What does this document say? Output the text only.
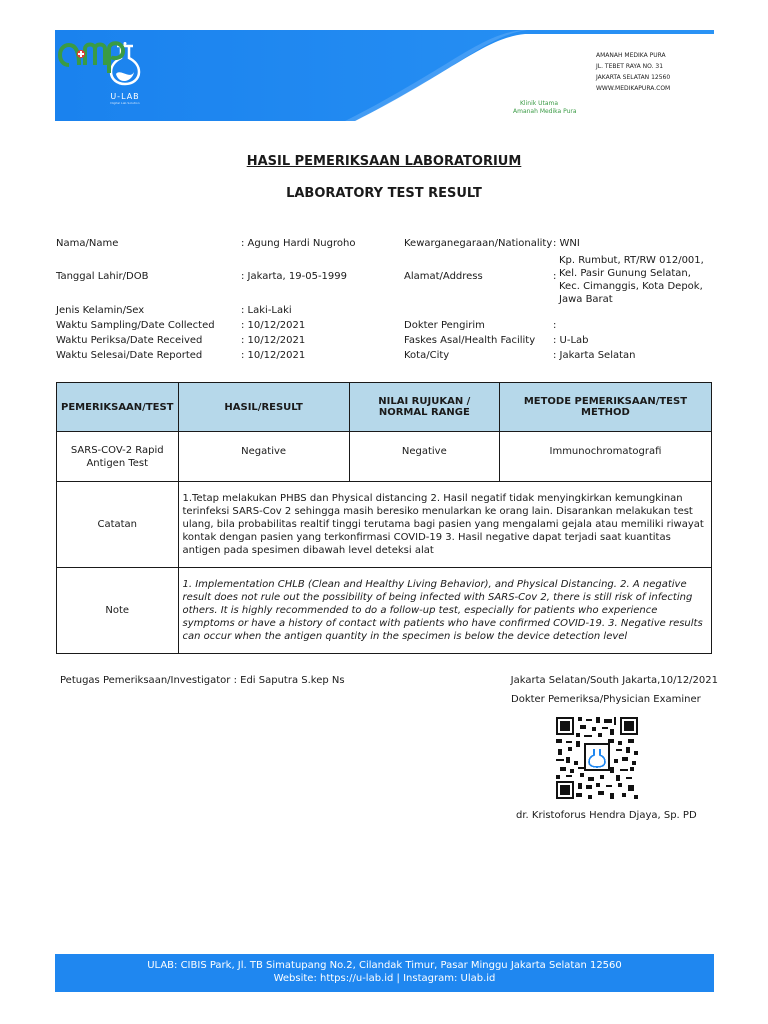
U-LAB
Digital Lab Solution	Klinik Utama
Amanah Medika Pura
AMANAH MEDIKA PURA
JL. TEBET RAYA NO. 31
JAKARTA SELATAN 12560
WWW.MEDIKAPURA.COM
HASIL PEMERIKSAAN LABORATORIUM
LABORATORY TEST RESULT
Nama/Name	: Agung Hardi Nugroho
Tanggal Lahir/DOB	: Jakarta, 19-05-1999
Jenis Kelamin/Sex	: Laki-Laki
Waktu Sampling/Date Collected	: 10/12/2021
Waktu Periksa/Date Received	: 10/12/2021
Waktu Selesai/Date Reported	: 10/12/2021
Kewarganegaraan/Nationality : WNI
Alamat/Address	:
Kp. Rumbut, RT/RW 012/001,
Kel. Pasir Gunung Selatan,
Kec. Cimanggis, Kota Depok,
Jawa Barat
Dokter Pengirim	:
Faskes Asal/Health Facility : U-Lab
Kota/City	: Jakarta Selatan
PEMERIKSAAN/TEST	HASIL/RESULT	NILAI RUJUKAN / NORMAL RANGE	METODE PEMERIKSAAN/TEST METHOD
SARS-COV-2 Rapid Antigen Test	Negative	Negative	Immunochromatografi
Catatan	1.Tetap melakukan PHBS dan Physical distancing 2. Hasil negatif tidak menyingkirkan kemungkinan terinfeksi SARS-Cov 2 sehingga masih beresiko menularkan ke orang lain. Disarankan melakukan test ulang, bila probabilitas realtif tinggi terutama bagi pasien yang mengalami gejala atau memiliki riwayat kontak dengan pasien yang terkonfirmasi COVID-19 3. Hasil negative dapat terjadi saat kuantitas antigen pada spesimen dibawah level deteksi alat		
Note	1. Implementation CHLB (Clean and Healthy Living Behavior), and Physical Distancing. 2. A negative result does not rule out the possibility of being infected with SARS-Cov 2, there is still risk of infecting others. It is highly recommended to do a follow-up test, especially for patients who experience symptoms or have a history of contact with patients who have confirmed COVID-19. 3. Negative results can occur when the antigen quantity in the specimen is below the device detection level		
Petugas Pemeriksaan/Investigator : Edi Saputra S.kep Ns	Jakarta Selatan/South Jakarta,10/12/2021
Dokter Pemeriksa/Physician Examiner
dr. Kristoforus Hendra Djaya, Sp. PD
ULAB: CIBIS Park, Jl. TB Simatupang No.2, Cilandak Timur, Pasar Minggu Jakarta Selatan 12560
Website: https://u-lab.id | Instagram: Ulab.id
